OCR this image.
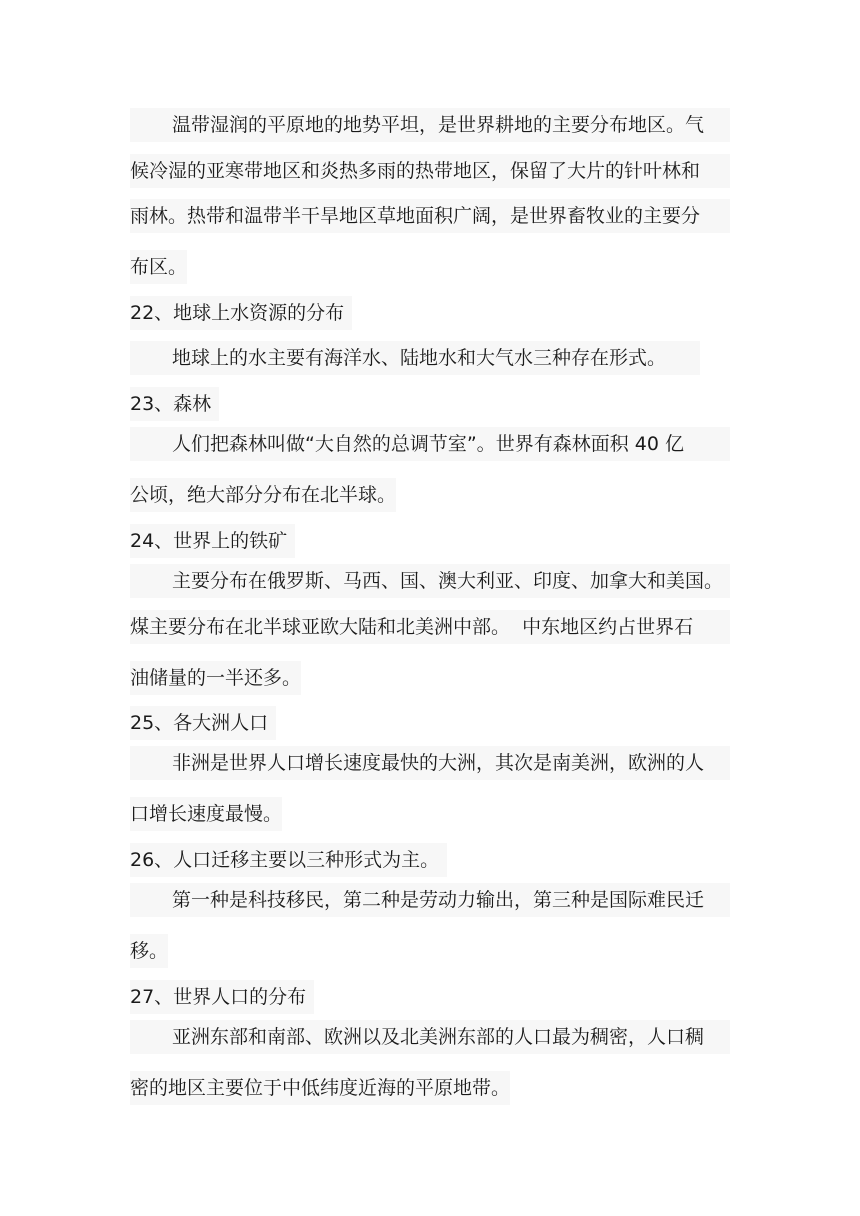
温带湿润的平原地的地势平坦，是世界耕地的主要分布地区。气
候冷湿的亚寒带地区和炎热多雨的热带地区，保留了大片的针叶林和
雨林。热带和温带半干旱地区草地面积广阔，是世界畜牧业的主要分
布区。
22、地球上水资源的分布
地球上的水主要有海洋水、陆地水和大气水三种存在形式。
23、森林
人们把森林叫做“大自然的总调节室”。世界有森林面积 40 亿
公顷，绝大部分分布在北半球。
24、世界上的铁矿
主要分布在俄罗斯、马西、国、澳大利亚、印度、加拿大和美国。
煤主要分布在北半球亚欧大陆和北美洲中部。  中东地区约占世界石
油储量的一半还多。
25、各大洲人口
非洲是世界人口增长速度最快的大洲，其次是南美洲，欧洲的人
口增长速度最慢。
26、人口迁移主要以三种形式为主。
第一种是科技移民，第二种是劳动力输出，第三种是国际难民迁
移。
27、世界人口的分布
亚洲东部和南部、欧洲以及北美洲东部的人口最为稠密，人口稠
密的地区主要位于中低纬度近海的平原地带。
